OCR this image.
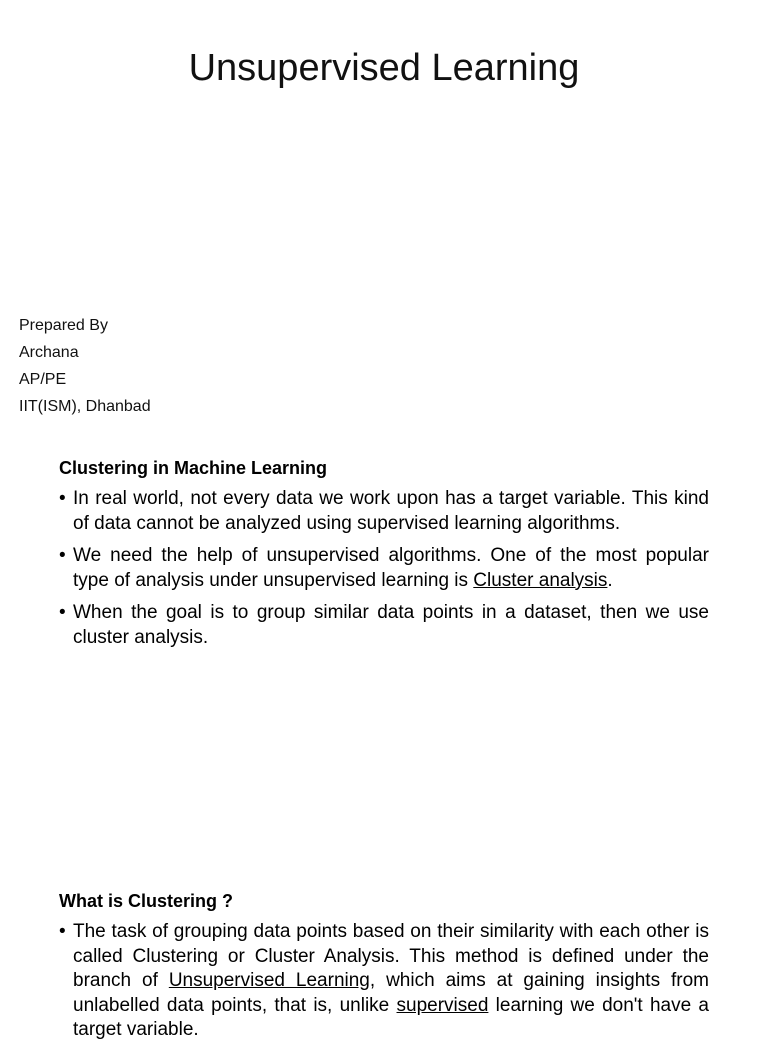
Unsupervised Learning
Prepared By
Archana
AP/PE
IIT(ISM), Dhanbad
Clustering in Machine Learning
• In real world, not every data we work upon has a target variable. This kind of data cannot be analyzed using supervised learning algorithms.
• We need the help of unsupervised algorithms. One of the most popular type of analysis under unsupervised learning is Cluster analysis.
• When the goal is to group similar data points in a dataset, then we use cluster analysis.
What is Clustering ?
• The task of grouping data points based on their similarity with each other is called Clustering or Cluster Analysis. This method is defined under the branch of Unsupervised Learning, which aims at gaining insights from unlabelled data points, that is, unlike supervised learning we don't have a target variable.
